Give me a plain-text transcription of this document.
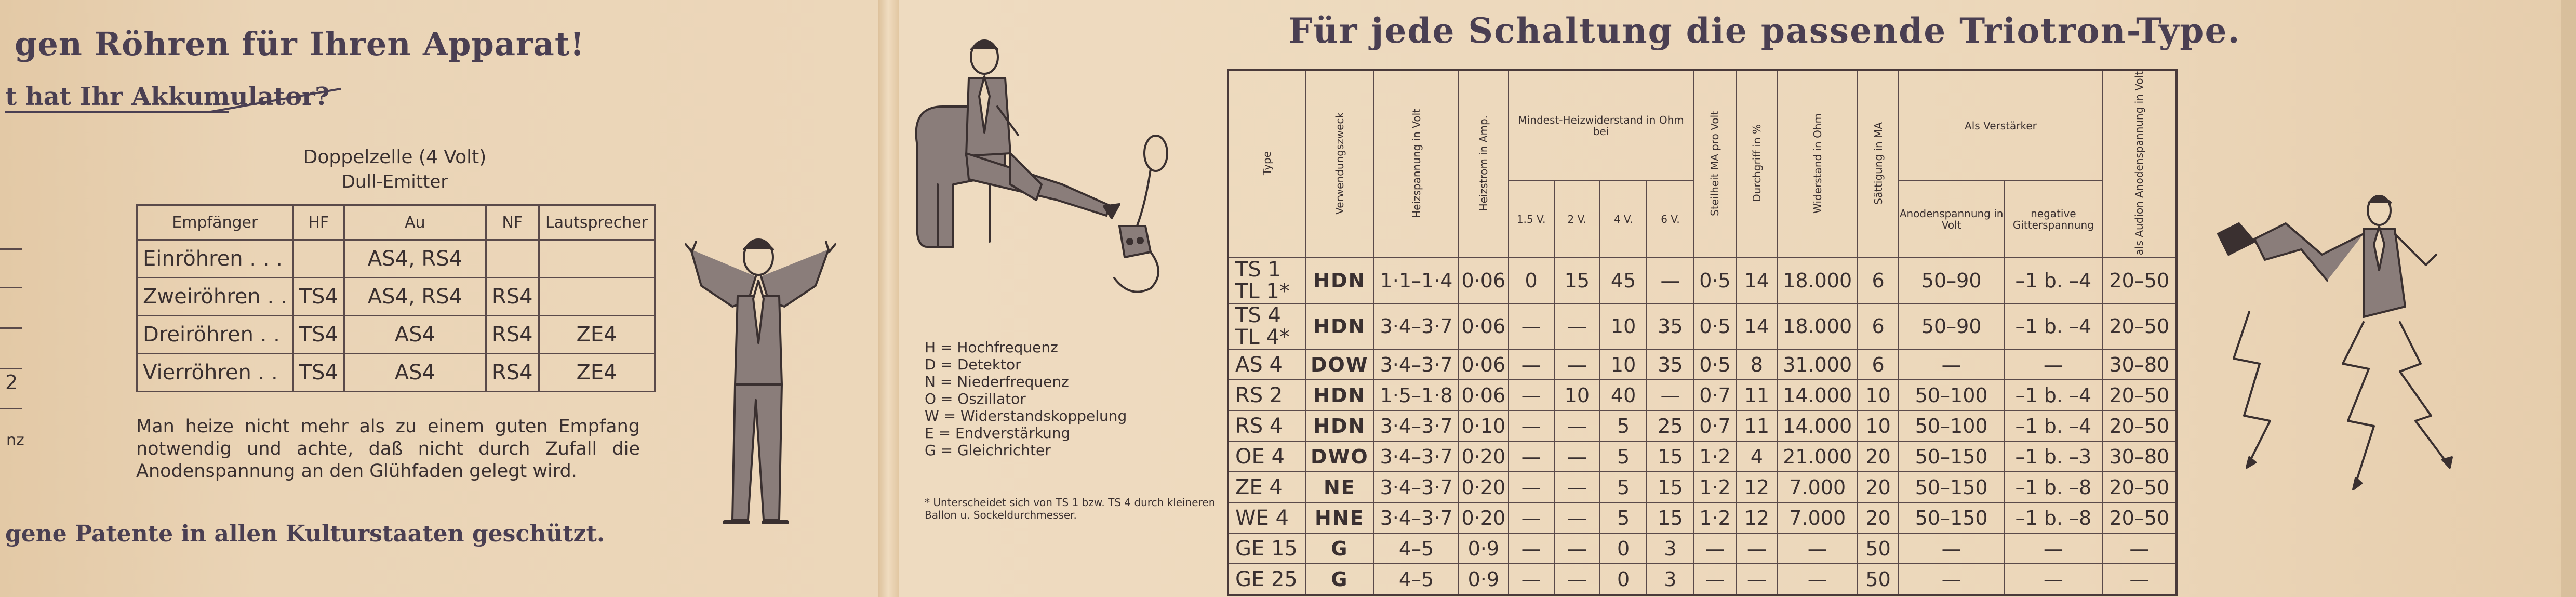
gen Röhren für Ihren Apparat!
t hat Ihr Akkumulator?
Doppelzelle (4 Volt)
Dull-Emitter
Empfänger	HF	Au	NF	Lautsprecher
Einröhren . . .		AS4, RS4		
Zweiröhren . .	TS4	AS4, RS4	RS4	
Dreiröhren . .	TS4	AS4	RS4	ZE4
Vierröhren . .	TS4	AS4	RS4	ZE4
Man heize nicht mehr als zu einem guten Empfang notwendig und achte, daß nicht durch Zufall die Anodenspannung an den Glühfaden gelegt wird.
gene Patente in allen Kulturstaaten geschützt.
2
nz
Für jede Schaltung die passende Triotron-Type.
H = Hochfrequenz
D = Detektor
N = Niederfrequenz
O = Oszillator
W = Widerstandskoppelung
E = Endverstärkung
G = Gleichrichter
* Unterscheidet sich von TS 1 bzw. TS 4 durch kleineren Ballon u. Sockeldurchmesser.
Type	Verwendungszweck	Heizspannung in Volt	Heizstrom in Amp.	Mindest-Heizwiderstand in Ohm bei				Steilheit MA pro Volt	Durchgriff in %	Widerstand in Ohm	Sättigung in MA	Als Verstärker		als Audion Anodenspannung in Volt
				1.5 V.	2 V.	4 V.	6 V.					Anodenspannung in Volt	negative Gitterspannung	
TS 1 TL 1*	HDN	1·1–1·4	0·06	0	15	45	—	0·5	14	18.000	6	50–90	–1 b. –4	20–50
TS 4 TL 4*	HDN	3·4–3·7	0·06	—	—	10	35	0·5	14	18.000	6	50–90	–1 b. –4	20–50
AS 4	DOW	3·4–3·7	0·06	—	—	10	35	0·5	8	31.000	6	—	—	30–80
RS 2	HDN	1·5–1·8	0·06	—	10	40	—	0·7	11	14.000	10	50–100	–1 b. –4	20–50
RS 4	HDN	3·4–3·7	0·10	—	—	5	25	0·7	11	14.000	10	50–100	–1 b. –4	20–50
OE 4	DWO	3·4–3·7	0·20	—	—	5	15	1·2	4	21.000	20	50–150	–1 b. –3	30–80
ZE 4	NE	3·4–3·7	0·20	—	—	5	15	1·2	12	7.000	20	50–150	–1 b. –8	20–50
WE 4	HNE	3·4–3·7	0·20	—	—	5	15	1·2	12	7.000	20	50–150	–1 b. –8	20–50
GE 15	G	4–5	0·9	—	—	0	3	—	—	—	50	—	—	—
GE 25	G	4–5	0·9	—	—	0	3	—	—	—	50	—	—	—
